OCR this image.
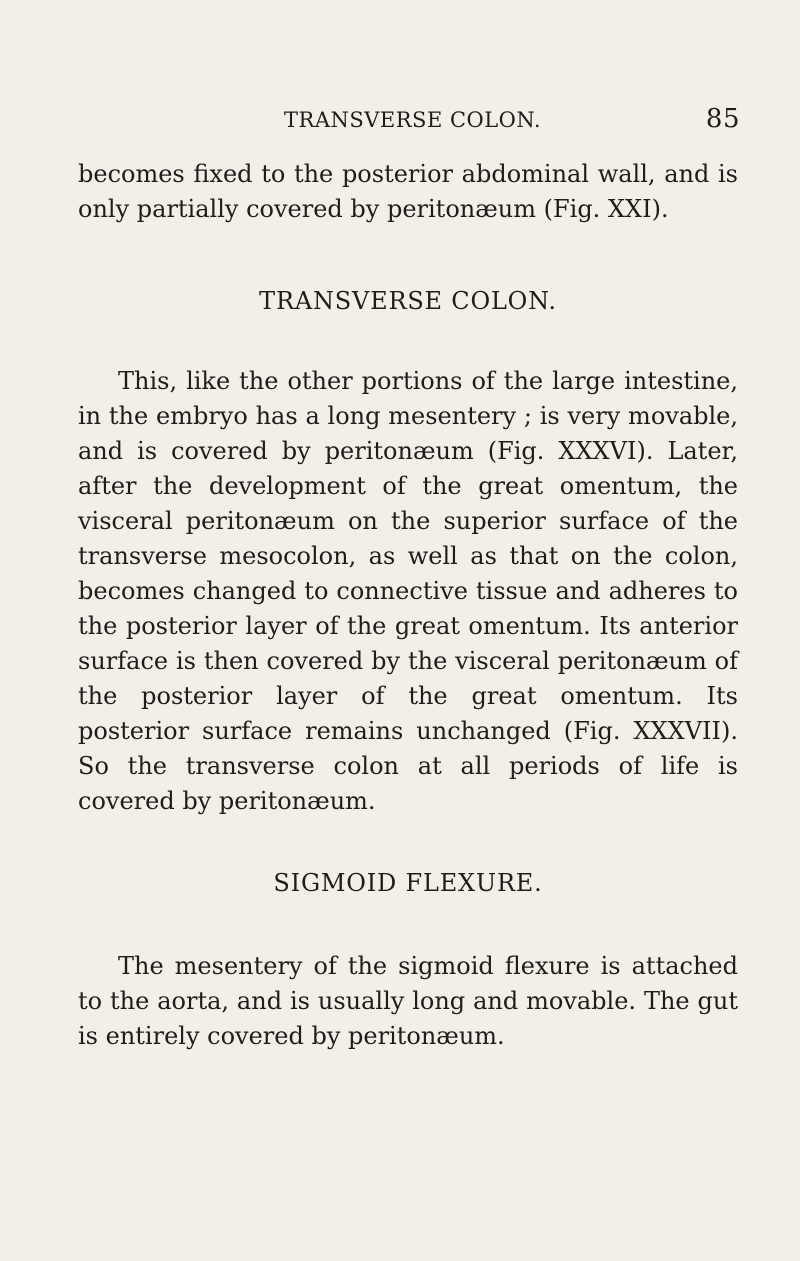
TRANSVERSE COLON.	85

becomes fixed to the posterior abdominal wall, and is only partially covered by peritonæum (Fig. XXI).

TRANSVERSE COLON.

This, like the other portions of the large intestine, in the embryo has a long mesentery ; is very movable, and is covered by peritonæum (Fig. XXXVI). Later, after the development of the great omentum, the visceral peritonæum on the superior surface of the transverse mesocolon, as well as that on the colon, becomes changed to connective tissue and adheres to the posterior layer of the great omentum. Its anterior surface is then covered by the visceral peritonæum of the posterior layer of the great omentum. Its posterior surface remains unchanged (Fig. XXXVII). So the transverse colon at all periods of life is covered by peritonæum.

SIGMOID FLEXURE.

The mesentery of the sigmoid flexure is attached to the aorta, and is usually long and movable. The gut is entirely covered by peritonæum.
